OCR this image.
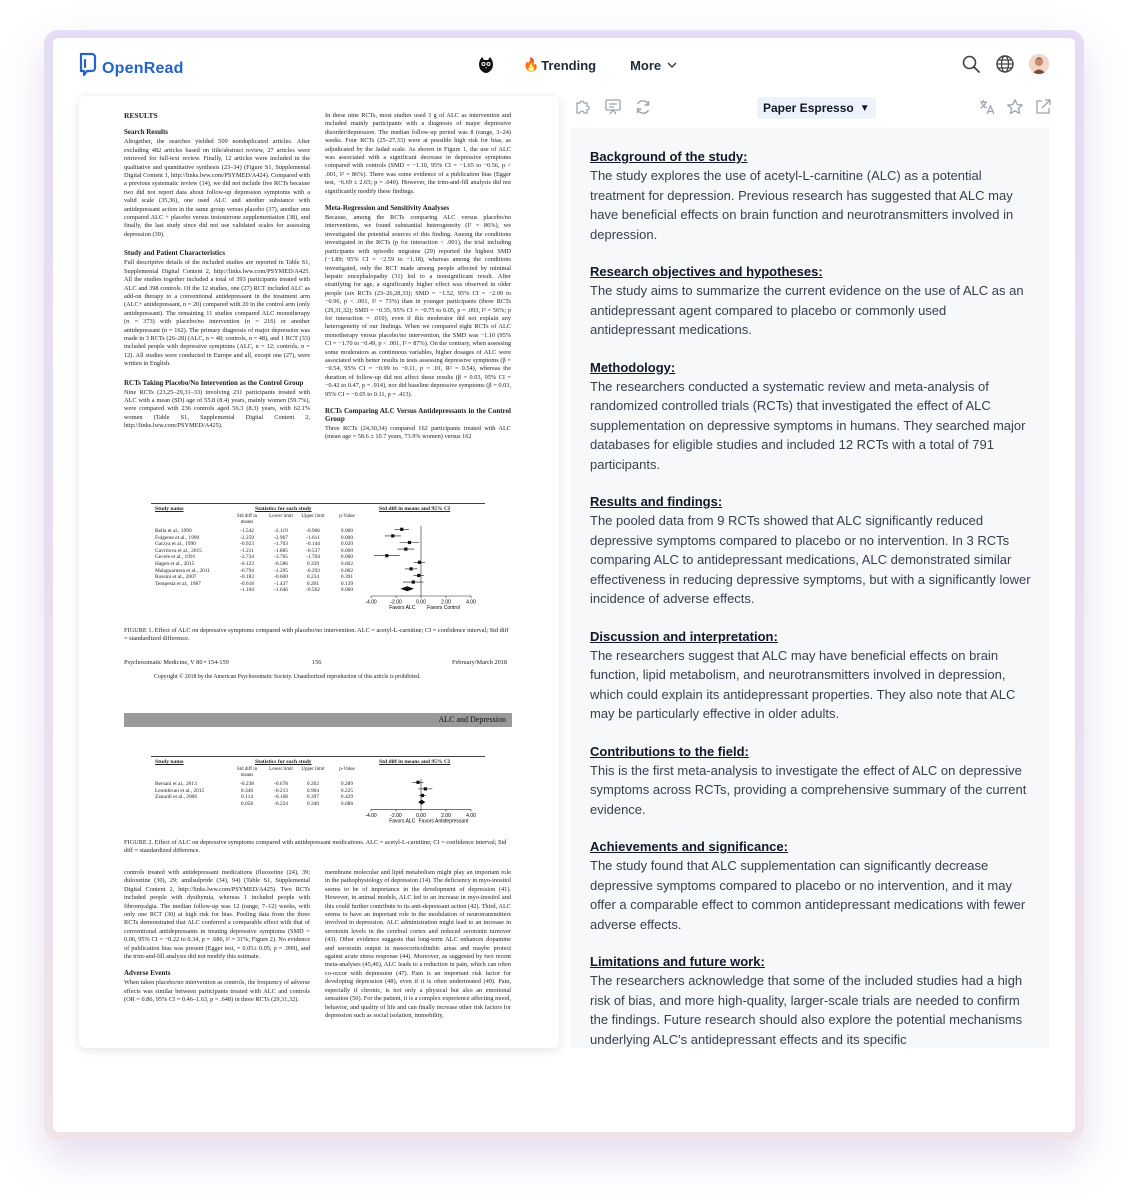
OpenRead	🔥 Trending	More
RESULTS
Search Results

Altogether, the searches yielded 509 nonduplicated articles. After excluding 482 articles based on title/abstract review, 27 articles were retrieved for full-text review. Finally, 12 articles were included in the qualitative and quantitative synthesis (23–34) (Figure S1, Supplemental Digital Content 1, http://links.lww.com/PSYMED/A424). Compared with a previous systematic review (14), we did not include five RCTs because two did not report data about follow-up depression symptoms with a valid scale (35,36), one used ALC and another substance with antidepressant action in the same group versus placebo (37), another one compared ALC + placebo versus testosterone supplementation (38), and finally, the last study since did not use validated scales for assessing depression (39).

Study and Patient Characteristics

Full descriptive details of the included studies are reported in Table S1, Supplemental Digital Content 2, http://links.lww.com/PSYMED/A425. All the studies together included a total of 393 participants treated with ALC and 398 controls. Of the 12 studies, one (27) RCT included ALC as add-on therapy to a conventional antidepressant in the treatment arm (ALC+ antidepressant, n = 20) compared with 20 in the control arm (only antidepressant). The remaining 11 studies compared ALC monotherapy (n = 373) with placebo/no intervention (n = 216) or another antidepressant (n = 162). The primary diagnosis of major depression was made in 3 RCTs (26–28) (ALC, n = 48; controls, n = 48), and 1 RCT (33) included people with depressive symptoms (ALC, n = 12; controls, n = 12). All studies were conducted in Europe and all, except one (27), were written in English.

RCTs Taking Placebo/No Intervention as the Control Group

Nine RCTs (23,25–29,31–33) involving 231 participants treated with ALC with a mean (SD) age of 55.8 (8.4) years, mainly women (59.7%), were compared with 236 controls aged 56.3 (8.3) years, with 62.1% women (Table S1, Supplemental Digital Content 2, http://links.lww.com/PSYMED/A425).

In these nine RCTs, most studies used 3 g of ALC as intervention and included mainly participants with a diagnosis of major depressive disorder/depression. The median follow-up period was 8 (range, 3–24) weeks. Four RCTs (25–27,33) were at possible high risk for bias, as adjudicated by the Jadad scale. As shown in Figure 1, the use of ALC was associated with a significant decrease in depressive symptoms compared with controls (SMD = −1.10, 95% CI = −1.65 to −0.56, p < .001, I² = 86%). There was some evidence of a publication bias (Egger test, −6.69 ± 2.65; p = .040). However, the trim-and-fill analysis did not significantly modify these findings.

Meta-Regression and Sensitivity Analyses

Because, among the RCTs comparing ALC versus placebo/no interventions, we found substantial heterogeneity (I² = 86%), we investigated the potential sources of this finding. Among the conditions investigated in the RCTs (p for interaction < .001), the trial including participants with episodic migraine (29) reported the highest SMD (−1.89; 95% CI = −2.59 to −1.18), whereas among the conditions investigated, only the RCT made among people affected by minimal hepatic encephalopathy (31) led to a nonsignificant result. After stratifying for age, a significantly higher effect was observed in older people (six RCTs (23–26,28,33); SMD = −1.52, 95% CI = −2.09 to −0.96, p < .001, I² = 73%) than in younger participants (three RCTs (29,31,32); SMD = −0.35, 95% CI = −0.75 to 0.05, p = .093, I² = 56%; p for interaction = .010), even if this moderator did not explain any heterogeneity of our findings. When we compared eight RCTs of ALC monotherapy versus placebo/no intervention, the SMD was −1.10 (95% CI = −1.70 to −0.49, p < .001, I² = 87%). On the contrary, when assessing some moderators as continuous variables, higher dosages of ALC were associated with better results in tests assessing depressive symptoms (β = −0.54, 95% CI = −0.99 to −0.11, p = .01, R² = 0.54), whereas the duration of follow-up did not affect these results (β = 0.03, 95% CI = −0.42 to 0.47, p = .914), nor did baseline depressive symptoms (β = 0.03, 95% CI = −0.05 to 0.11, p = .413).

RCTs Comparing ALC Versus Antidepressants in the Control Group

Three RCTs (24,30,34) compared 162 participants treated with ALC (mean age = 58.6 ± 10.7 years, 73.9% women) versus 162

Study name	Statistics for each study	Std diff in means and 95% CI
Std diff in means
Lower limit	Upper limit	p-Value
Bella et al., 1990	-1.542	-2.119	-0.966	0.000
Fulgente et al., 1990	-2.259	-2.907	-1.611	0.000
Garzya et al., 1990	-0.923	-1.703	-0.144	0.020
Gavrilova et al., 2015	-1.211	-1.885	-0.537	0.000
Gecele et al., 1991	-2.734	-3.765	-1.704	0.000
Hagen et al., 2015	-0.123	-0.586	0.339	0.602
Malaguarnera et al., 2011	-0.794	-1.295	-0.293	0.002
Rossini et al., 2007	-0.183	-0.600	0.234	0.391
Tempesta et al., 1987	-0.618	-1.437	0.201	0.139
-1.104	-1.646	-0.562	0.000
-4.00	-2.00	0.00	2.00	4.00
Favors ALC Favors Control
FIGURE 1. Effect of ALC on depressive symptoms compared with placebo/no intervention. ALC = acetyl-L-carnitine; CI = confidence interval; Std diff = standardized difference.
Psychosomatic Medicine, V 80 • 154-159	156	February/March 2018
Copyright © 2018 by the American Psychosomatic Society. Unauthorized reproduction of this article is prohibited.
ALC and Depression
Study name	Statistics for each study	Std diff in means and 95% CI
Std diff in means
Lower limit	Upper limit	p-Value
Bersani et al., 2013	-0.238	-0.678	0.202	0.289
Leombruni et al., 2015	0.346	-0.213	0.904	0.225
Zanardi et al., 2006	0.114	-0.168	0.397	0.429
0.058	-0.224	0.340	0.686
-4.00	-2.00	0.00	2.00	4.00
Favors ALC Favors Antidepressant
FIGURE 2. Effect of ALC on depressive symptoms compared with antidepressant medications. ALC = acetyl-L-carnitine; CI = confidence interval; Std diff = standardized difference.

controls treated with antidepressant medications (fluoxetine (24), 39; duloxetine (30), 29; amilsulpride (34), 94) (Table S1, Supplemental Digital Content 2, http://links.lww.com/PSYMED/A425). Two RCTs included people with dysthymia, whereas 1 included people with fibromyalgia. The median follow-up was 12 (range, 7–12) weeks, with only one RCT (30) at high risk for bias. Pooling data from the three RCTs demonstrated that ALC conferred a comparable effect with that of conventional antidepressants in treating depressive symptoms (SMD = 0.06, 95% CI = −0.22 to 0.34, p = .686, I² = 31%; Figure 2). No evidence of publication bias was present (Egger test, = 0.05± 0.05; p = .999), and the trim-and-fill analysis did not modify this estimate.

Adverse Events

When taken placebo/no intervention as controls, the frequency of adverse effects was similar between participants treated with ALC and controls (OR = 0.86, 95% CI = 0.46–1.63, p = .648) in three RCTs (29,31,32).

membrane molecular and lipid metabolism might play an important role in the pathophysiology of depression (14). The deficiency in myo-inositol seems to be of importance in the development of depression (41). However, in animal models, ALC led to an increase in myo-inositol and this could further contribute to its anti-depressant action (42). Third, ALC seems to have an important role in the modulation of neurotransmitters involved in depression. ALC administration might lead to an increase in serotonin levels in the cerebral cortex and reduced serotonin turnover (43). Other evidence suggests that long-term ALC enhances dopamine and serotonin output in mesocorticolimbic areas and maybe protect against acute stress response (44). Moreover, as suggested by two recent meta-analyses (45,46), ALC leads to a reduction in pain, which can often co-occur with depression (47). Pain is an important risk factor for developing depression (48), even if it is often undertreated (49). Pain, especially if chronic, is not only a physical but also an emotional sensation (50). For the patient, it is a complex experience affecting mood, behavior, and quality of life and can finally increase other risk factors for depression such as social isolation, immobility,

Paper Espresso ▼
Background of the study:
The study explores the use of acetyl-L-carnitine (ALC) as a potential treatment for depression. Previous research has suggested that ALC may have beneficial effects on brain function and neurotransmitters involved in depression.
Research objectives and hypotheses:
The study aims to summarize the current evidence on the use of ALC as an antidepressant agent compared to placebo or commonly used antidepressant medications.
Methodology:
The researchers conducted a systematic review and meta-analysis of randomized controlled trials (RCTs) that investigated the effect of ALC supplementation on depressive symptoms in humans. They searched major databases for eligible studies and included 12 RCTs with a total of 791 participants.
Results and findings:
The pooled data from 9 RCTs showed that ALC significantly reduced depressive symptoms compared to placebo or no intervention. In 3 RCTs comparing ALC to antidepressant medications, ALC demonstrated similar effectiveness in reducing depressive symptoms, but with a significantly lower incidence of adverse effects.
Discussion and interpretation:
The researchers suggest that ALC may have beneficial effects on brain function, lipid metabolism, and neurotransmitters involved in depression, which could explain its antidepressant properties. They also note that ALC may be particularly effective in older adults.
Contributions to the field:
This is the first meta-analysis to investigate the effect of ALC on depressive symptoms across RCTs, providing a comprehensive summary of the current evidence.
Achievements and significance:
The study found that ALC supplementation can significantly decrease depressive symptoms compared to placebo or no intervention, and it may offer a comparable effect to common antidepressant medications with fewer adverse effects.
Limitations and future work:
The researchers acknowledge that some of the included studies had a high risk of bias, and more high-quality, larger-scale trials are needed to confirm the findings. Future research should also explore the potential mechanisms underlying ALC's antidepressant effects and its specific
